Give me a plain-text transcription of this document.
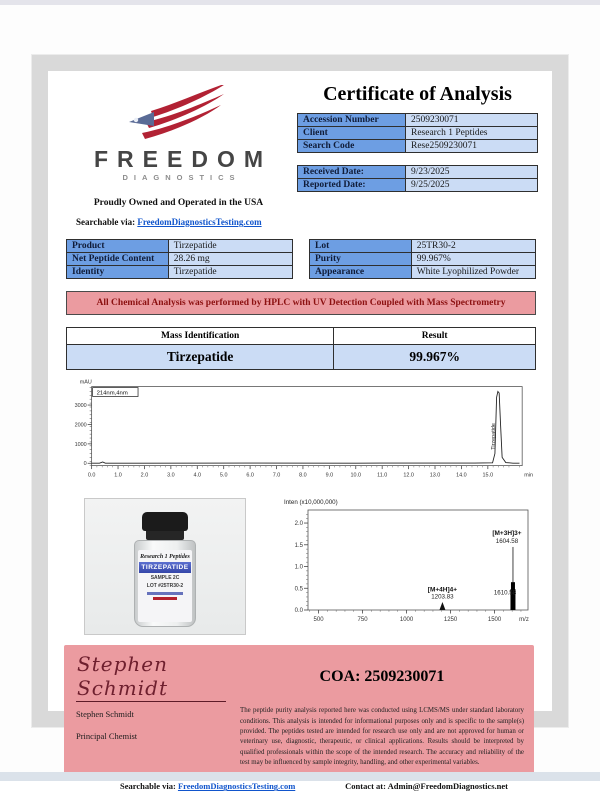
FREEDOM
DIAGNOSTICS
Proudly Owned and Operated in the USA
Searchable via: FreedomDiagnosticsTesting.com
Certificate of Analysis
Accession Number	2509230071
Client	Research 1 Peptides
Search Code	Rese2509230071
Received Date:	9/23/2025
Reported Date:	9/25/2025
Product	Tirzepatide
Net Peptide Content	28.26 mg
Identity	Tirzepatide
Lot	25TR30-2
Purity	99.967%
Appearance	White Lyophilized Powder
All Chemical Analysis was performed by HPLC with UV Detection Coupled with Mass Spectrometry
Mass Identification	Result
Tirzepatide	99.967%
0
1000
2000
3000
0.0	1.0	2.0	3.0	4.0	5.0	6.0	7.0	8.0	9.0	10.0	11.0	12.0	13.0	14.0	15.0	min
mAU
214nm,4nm
Tirzepatide
Research 1 Peptides
TIRZEPATIDE
SAMPLE 2C
LOT #25TR30-2
Inten (x10,000,000)
0.0
0.5
1.0
1.5
2.0
500	750	1000	1250	1500	m/z
[M+4H]4+
1203.83
[M+3H]3+
1604.58
1610.58
Stephen Schmidt	COA: 2509230071
Stephen Schmidt
Principal Chemist
The peptide purity analysis reported here was conducted using LCMS/MS under standard laboratory conditions. This analysis is intended for informational purposes only and is specific to the sample(s) provided. The peptides tested are intended for research use only and are not approved for human or veterinary use, diagnostic, therapeutic, or clinical applications. Results should be interpreted by qualified professionals within the scope of the intended research. The accuracy and reliability of the test may be influenced by sample integrity, handling, and other experimental variables.
Searchable via: FreedomDiagnosticsTesting.com	Contact at: Admin@FreedomDiagnostics.net
